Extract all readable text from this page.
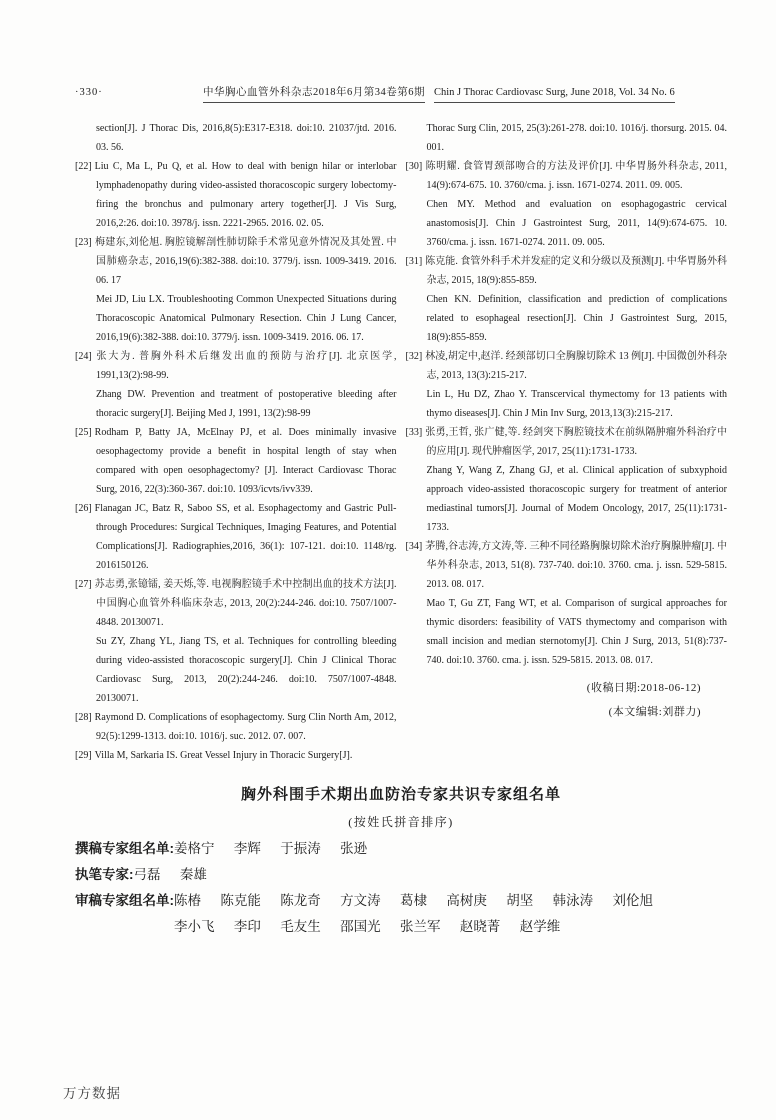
·330·	中华胸心血管外科杂志2018年6月第34卷第6期 Chin J Thorac Cardiovasc Surg, June 2018, Vol. 34 No. 6

section[J]. J Thorac Dis, 2016,8(5):E317-E318. doi:10. 21037/jtd. 2016. 03. 56.

[22] Liu C, Ma L, Pu Q, et al. How to deal with benign hilar or interlobar lymphadenopathy during video-assisted thoracoscopic surgery lobectomy-firing the bronchus and pulmonary artery together[J]. J Vis Surg, 2016,2:26. doi:10. 3978/j. issn. 2221-2965. 2016. 02. 05.

[23] 梅建东,刘伦旭. 胸腔镜解剖性肺切除手术常见意外情况及其处置. 中国肺癌杂志, 2016,19(6):382-388. doi:10. 3779/j. issn. 1009-3419. 2016. 06. 17

Mei JD, Liu LX. Troubleshooting Common Unexpected Situations during Thoracoscopic Anatomical Pulmonary Resection. Chin J Lung Cancer, 2016,19(6):382-388. doi:10. 3779/j. issn. 1009-3419. 2016. 06. 17.

[24] 张大为. 普胸外科术后继发出血的预防与治疗[J]. 北京医学, 1991,13(2):98-99.

Zhang DW. Prevention and treatment of postoperative bleeding after thoracic surgery[J]. Beijing Med J, 1991, 13(2):98-99

[25] Rodham P, Batty JA, McElnay PJ, et al. Does minimally invasive oesophagectomy provide a benefit in hospital length of stay when compared with open oesophagectomy? [J]. Interact Cardiovasc Thorac Surg, 2016, 22(3):360-367. doi:10. 1093/icvts/ivv339.

[26] Flanagan JC, Batz R, Saboo SS, et al. Esophagectomy and Gastric Pull-through Procedures: Surgical Techniques, Imaging Features, and Potential Complications[J]. Radiographies,2016, 36(1): 107-121. doi:10. 1148/rg. 2016150126.

[27] 苏志勇,张镱镭, 姜天烁,等. 电视胸腔镜手术中控制出血的技术方法[J]. 中国胸心血管外科临床杂志, 2013, 20(2):244-246. doi:10. 7507/1007-4848. 20130071.

Su ZY, Zhang YL, Jiang TS, et al. Techniques for controlling bleeding during video-assisted thoracoscopic surgery[J]. Chin J Clinical Thorac Cardiovasc Surg, 2013, 20(2):244-246. doi:10. 7507/1007-4848. 20130071.

[28] Raymond D. Complications of esophagectomy. Surg Clin North Am, 2012, 92(5):1299-1313. doi:10. 1016/j. suc. 2012. 07. 007.

[29] Villa M, Sarkaria IS. Great Vessel Injury in Thoracic Surgery[J].

Thorac Surg Clin, 2015, 25(3):261-278. doi:10. 1016/j. thorsurg. 2015. 04. 001.

[30] 陈明耀. 食管胃颈部吻合的方法及评价[J]. 中华胃肠外科杂志, 2011, 14(9):674-675. 10. 3760/cma. j. issn. 1671-0274. 2011. 09. 005.

Chen MY. Method and evaluation on esophagogastric cervical anastomosis[J]. Chin J Gastrointest Surg, 2011, 14(9):674-675. 10. 3760/cma. j. issn. 1671-0274. 2011. 09. 005.

[31] 陈克能. 食管外科手术并发症的定义和分级以及预测[J]. 中华胃肠外科杂志, 2015, 18(9):855-859.

Chen KN. Definition, classification and prediction of complications related to esophageal resection[J]. Chin J Gastrointest Surg, 2015, 18(9):855-859.

[32] 林凌,胡定中,赵洋. 经颈部切口全胸腺切除术 13 例[J]. 中国微创外科杂志, 2013, 13(3):215-217.

Lin L, Hu DZ, Zhao Y. Transcervical thymectomy for 13 patients with thymo diseases[J]. Chin J Min Inv Surg, 2013,13(3):215-217.

[33] 张勇,王哲, 张广健,等. 经剑突下胸腔镜技术在前纵隔肿瘤外科治疗中的应用[J]. 现代肿瘤医学, 2017, 25(11):1731-1733.

Zhang Y, Wang Z, Zhang GJ, et al. Clinical application of subxyphoid approach video-assisted thoracoscopic surgery for treatment of anterior mediastinal tumors[J]. Journal of Modem Oncology, 2017, 25(11):1731-1733.

[34] 茅腾,谷志涛,方文涛,等. 三种不同径路胸腺切除术治疗胸腺肿瘤[J]. 中华外科杂志, 2013, 51(8). 737-740. doi:10. 3760. cma. j. issn. 529-5815. 2013. 08. 017.

Mao T, Gu ZT, Fang WT, et al. Comparison of surgical approaches for thymic disorders: feasibility of VATS thymectomy and comparison with small incision and median sternotomy[J]. Chin J Surg, 2013, 51(8):737-740. doi:10. 3760. cma. j. issn. 529-5815. 2013. 08. 017.

(收稿日期:2018-06-12)
(本文编辑:刘群力)
胸外科围手术期出血防治专家共识专家组名单
(按姓氏拼音排序)
撰稿专家组名单: 姜格宁 李辉 于振涛 张逊
执笔专家: 弓磊 秦雄
审稿专家组名单: 陈椿 陈克能 陈龙奇 方文涛 葛棣 高树庚 胡坚 韩泳涛 刘伦旭
李小飞 李印 毛友生 邵国光 张兰军 赵晓菁 赵学维
万方数据
